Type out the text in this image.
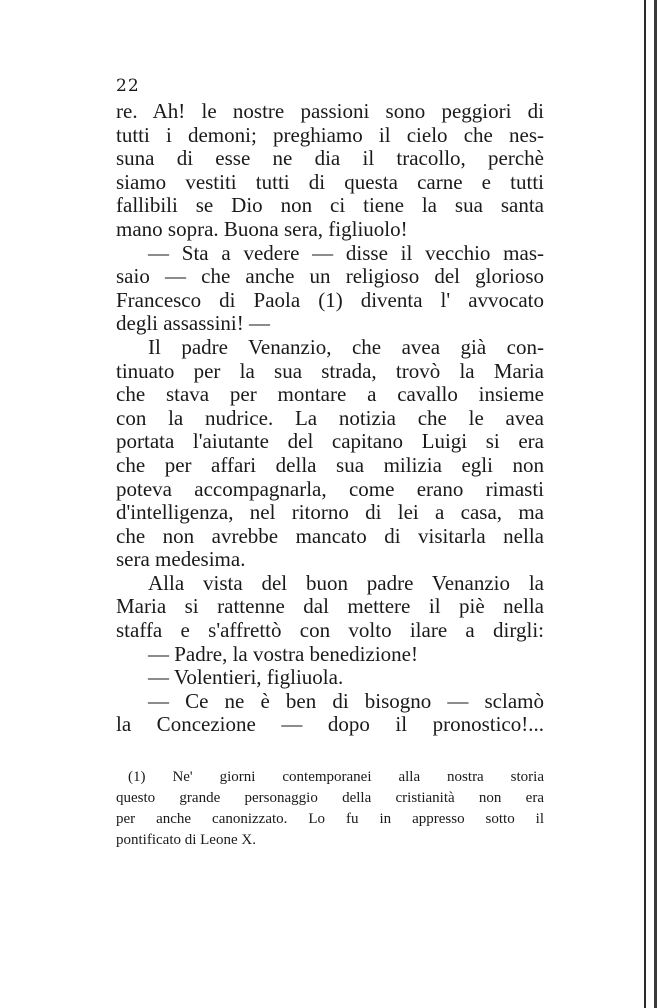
22
re. Ah! le nostre passioni sono peggiori di
tutti i demoni; preghiamo il cielo che nes-
suna di esse ne dia il tracollo, perchè
siamo vestiti tutti di questa carne e tutti
fallibili se Dio non ci tiene la sua santa
mano sopra. Buona sera, figliuolo!
— Sta a vedere — disse il vecchio mas-
saio — che anche un religioso del glorioso
Francesco di Paola (1) diventa l' avvocato
degli assassini! —
Il padre Venanzio, che avea già con-
tinuato per la sua strada, trovò la Maria
che stava per montare a cavallo insieme
con la nudrice. La notizia che le avea
portata l'aiutante del capitano Luigi si era
che per affari della sua milizia egli non
poteva accompagnarla, come erano rimasti
d'intelligenza, nel ritorno di lei a casa, ma
che non avrebbe mancato di visitarla nella
sera medesima.
Alla vista del buon padre Venanzio la
Maria si rattenne dal mettere il piè nella
staffa e s'affrettò con volto ilare a dirgli:
— Padre, la vostra benedizione!
— Volentieri, figliuola.
— Ce ne è ben di bisogno — sclamò
la Concezione — dopo il pronostico!...
(1) Ne' giorni contemporanei alla nostra storia
questo grande personaggio della cristianità non era
per anche canonizzato. Lo fu in appresso sotto il
pontificato di Leone X.
